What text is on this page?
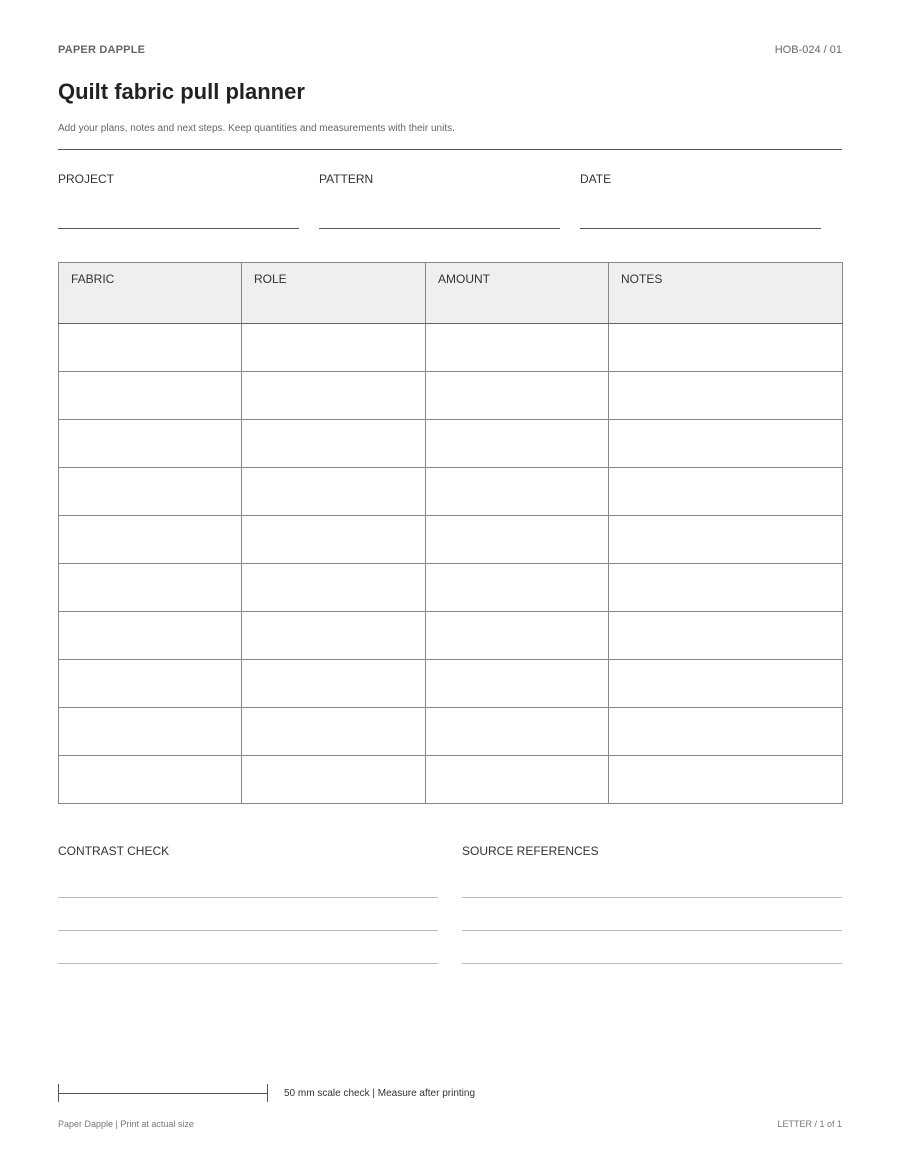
PAPER DAPPLE	HOB-024 / 01
Quilt fabric pull planner
Add your plans, notes and next steps. Keep quantities and measurements with their units.
PROJECT	PATTERN	DATE
FABRIC	ROLE	AMOUNT	NOTES

CONTRAST CHECK	SOURCE REFERENCES
50 mm scale check | Measure after printing
Paper Dapple | Print at actual size	LETTER / 1 of 1
